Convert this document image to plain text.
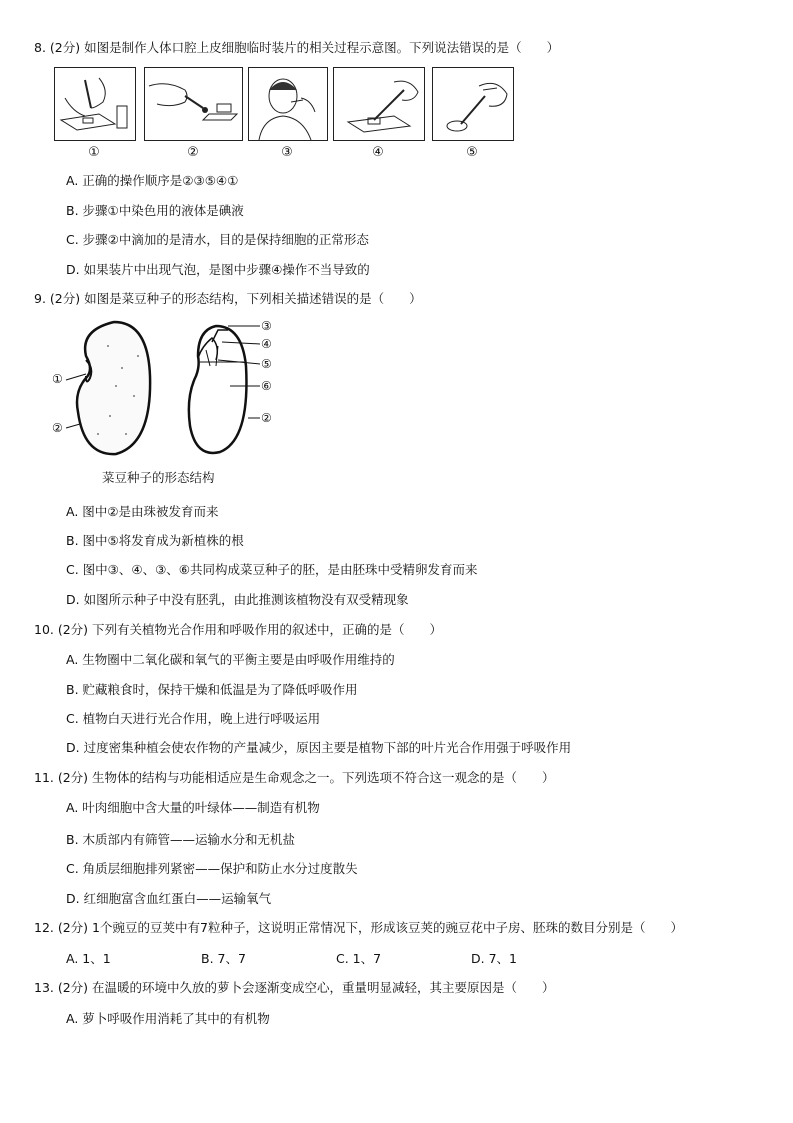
8. (2分) 如图是制作人体口腔上皮细胞临时装片的相关过程示意图。下列说法错误的是（　　）
①	②	③	④	⑤
A. 正确的操作顺序是②③⑤④①
B. 步骤①中染色用的液体是碘液
C. 步骤②中滴加的是清水，目的是保持细胞的正常形态
D. 如果装片中出现气泡，是图中步骤④操作不当导致的
9. (2分) 如图是菜豆种子的形态结构，下列相关描述错误的是（　　）
①
②
③
④
⑤
⑥
②
菜豆种子的形态结构
A. 图中②是由珠被发育而来
B. 图中⑤将发育成为新植株的根
C. 图中③、④、③、⑥共同构成菜豆种子的胚，是由胚珠中受精卵发育而来
D. 如图所示种子中没有胚乳，由此推测该植物没有双受精现象
10. (2分) 下列有关植物光合作用和呼吸作用的叙述中，正确的是（　　）
A. 生物圈中二氧化碳和氧气的平衡主要是由呼吸作用维持的
B. 贮藏粮食时，保持干燥和低温是为了降低呼吸作用
C. 植物白天进行光合作用，晚上进行呼吸运用
D. 过度密集种植会使农作物的产量减少，原因主要是植物下部的叶片光合作用强于呼吸作用
11. (2分) 生物体的结构与功能相适应是生命观念之一。下列选项不符合这一观念的是（　　）
A. 叶肉细胞中含大量的叶绿体——制造有机物
B. 木质部内有筛管——运输水分和无机盐
C. 角质层细胞排列紧密——保护和防止水分过度散失
D. 红细胞富含血红蛋白——运输氧气
12. (2分) 1个豌豆的豆荚中有7粒种子，这说明正常情况下，形成该豆荚的豌豆花中子房、胚珠的数目分别是（　　）
A. 1、1	B. 7、7	C. 1、7	D. 7、1
13. (2分) 在温暖的环境中久放的萝卜会逐渐变成空心，重量明显减轻，其主要原因是（　　）
A. 萝卜呼吸作用消耗了其中的有机物
